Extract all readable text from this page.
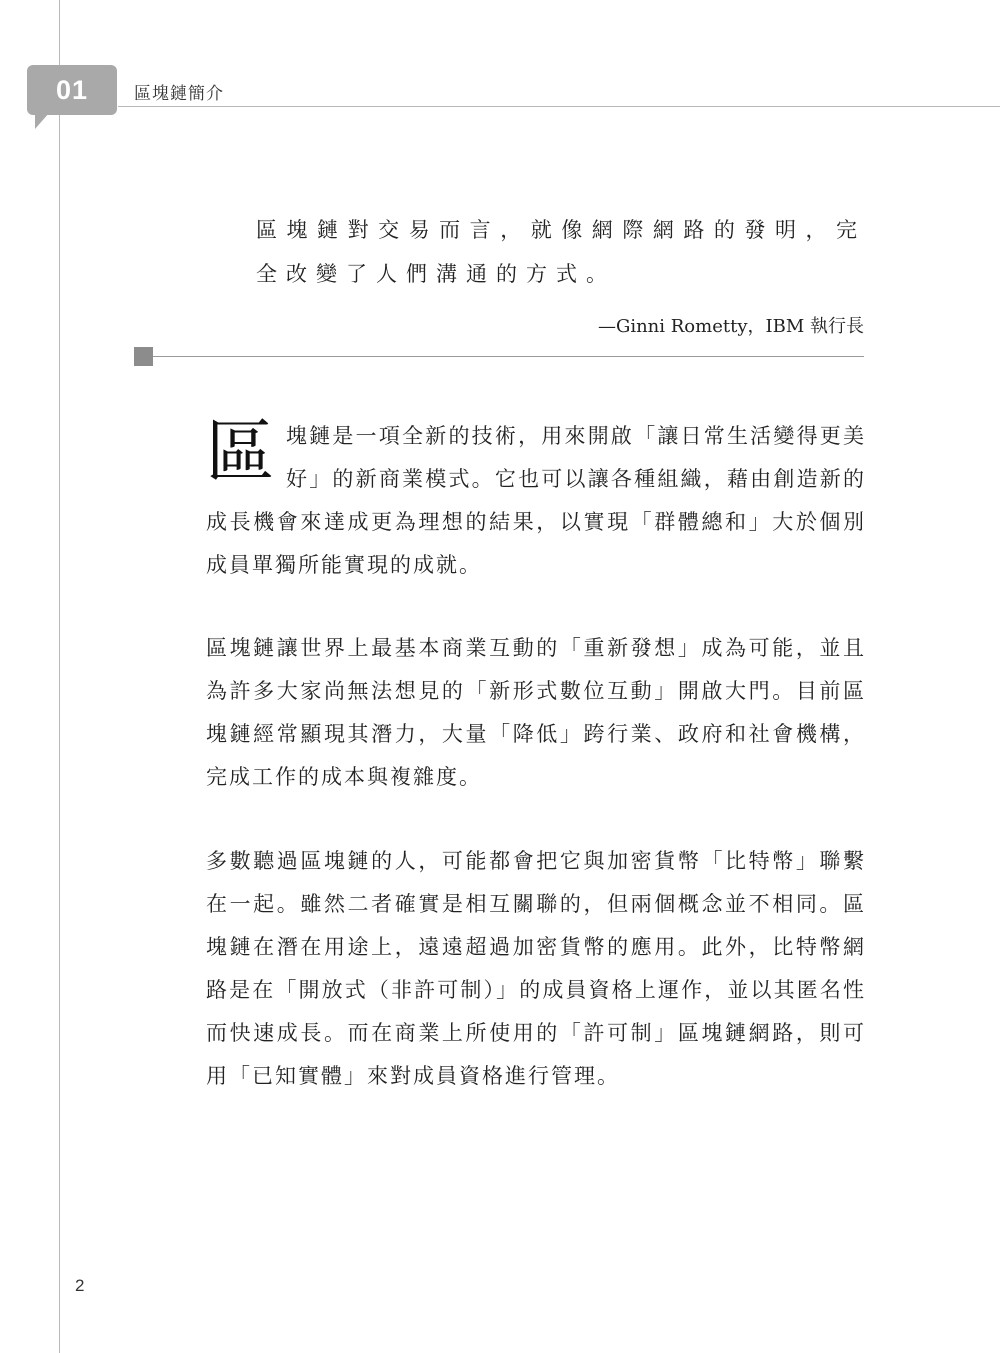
01	區塊鏈簡介
區塊鏈對交易而言，就像網際網路的發明，完全改變了人們溝通的方式。
—Ginni Rometty，IBM 執行長

區塊鏈是一項全新的技術，用來開啟「讓日常生活變得更美好」的新商業模式。它也可以讓各種組織，藉由創造新的成長機會來達成更為理想的結果，以實現「群體總和」大於個別成員單獨所能實現的成就。

區塊鏈讓世界上最基本商業互動的「重新發想」成為可能，並且為許多大家尚無法想見的「新形式數位互動」開啟大門。目前區塊鏈經常顯現其潛力，大量「降低」跨行業、政府和社會機構，完成工作的成本與複雜度。

多數聽過區塊鏈的人，可能都會把它與加密貨幣「比特幣」聯繫在一起。雖然二者確實是相互關聯的，但兩個概念並不相同。區塊鏈在潛在用途上，遠遠超過加密貨幣的應用。此外，比特幣網路是在「開放式（非許可制）」的成員資格上運作，並以其匿名性而快速成長。而在商業上所使用的「許可制」區塊鏈網路，則可用「已知實體」來對成員資格進行管理。

2
